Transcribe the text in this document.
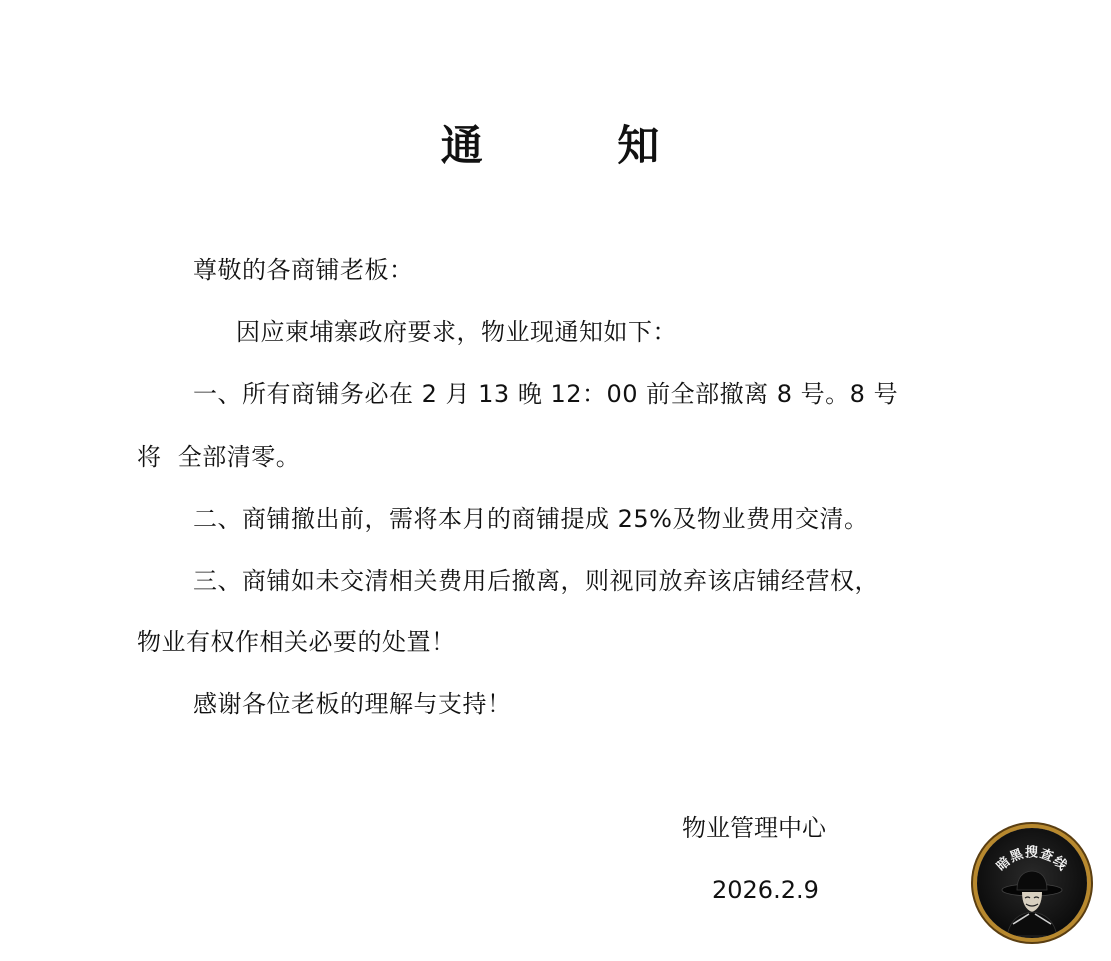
通 知
尊敬的各商铺老板：
因应柬埔寨政府要求，物业现通知如下：
一、所有商铺务必在 2 月 13 晚 12：00 前全部撤离 8 号。8 号
将  全部清零。
二、商铺撤出前，需将本月的商铺提成 25%及物业费用交清。
三、商铺如未交清相关费用后撤离，则视同放弃该店铺经营权，
物业有权作相关必要的处置！
感谢各位老板的理解与支持！
物业管理中心
2026.2.9
暗黑搜查线
